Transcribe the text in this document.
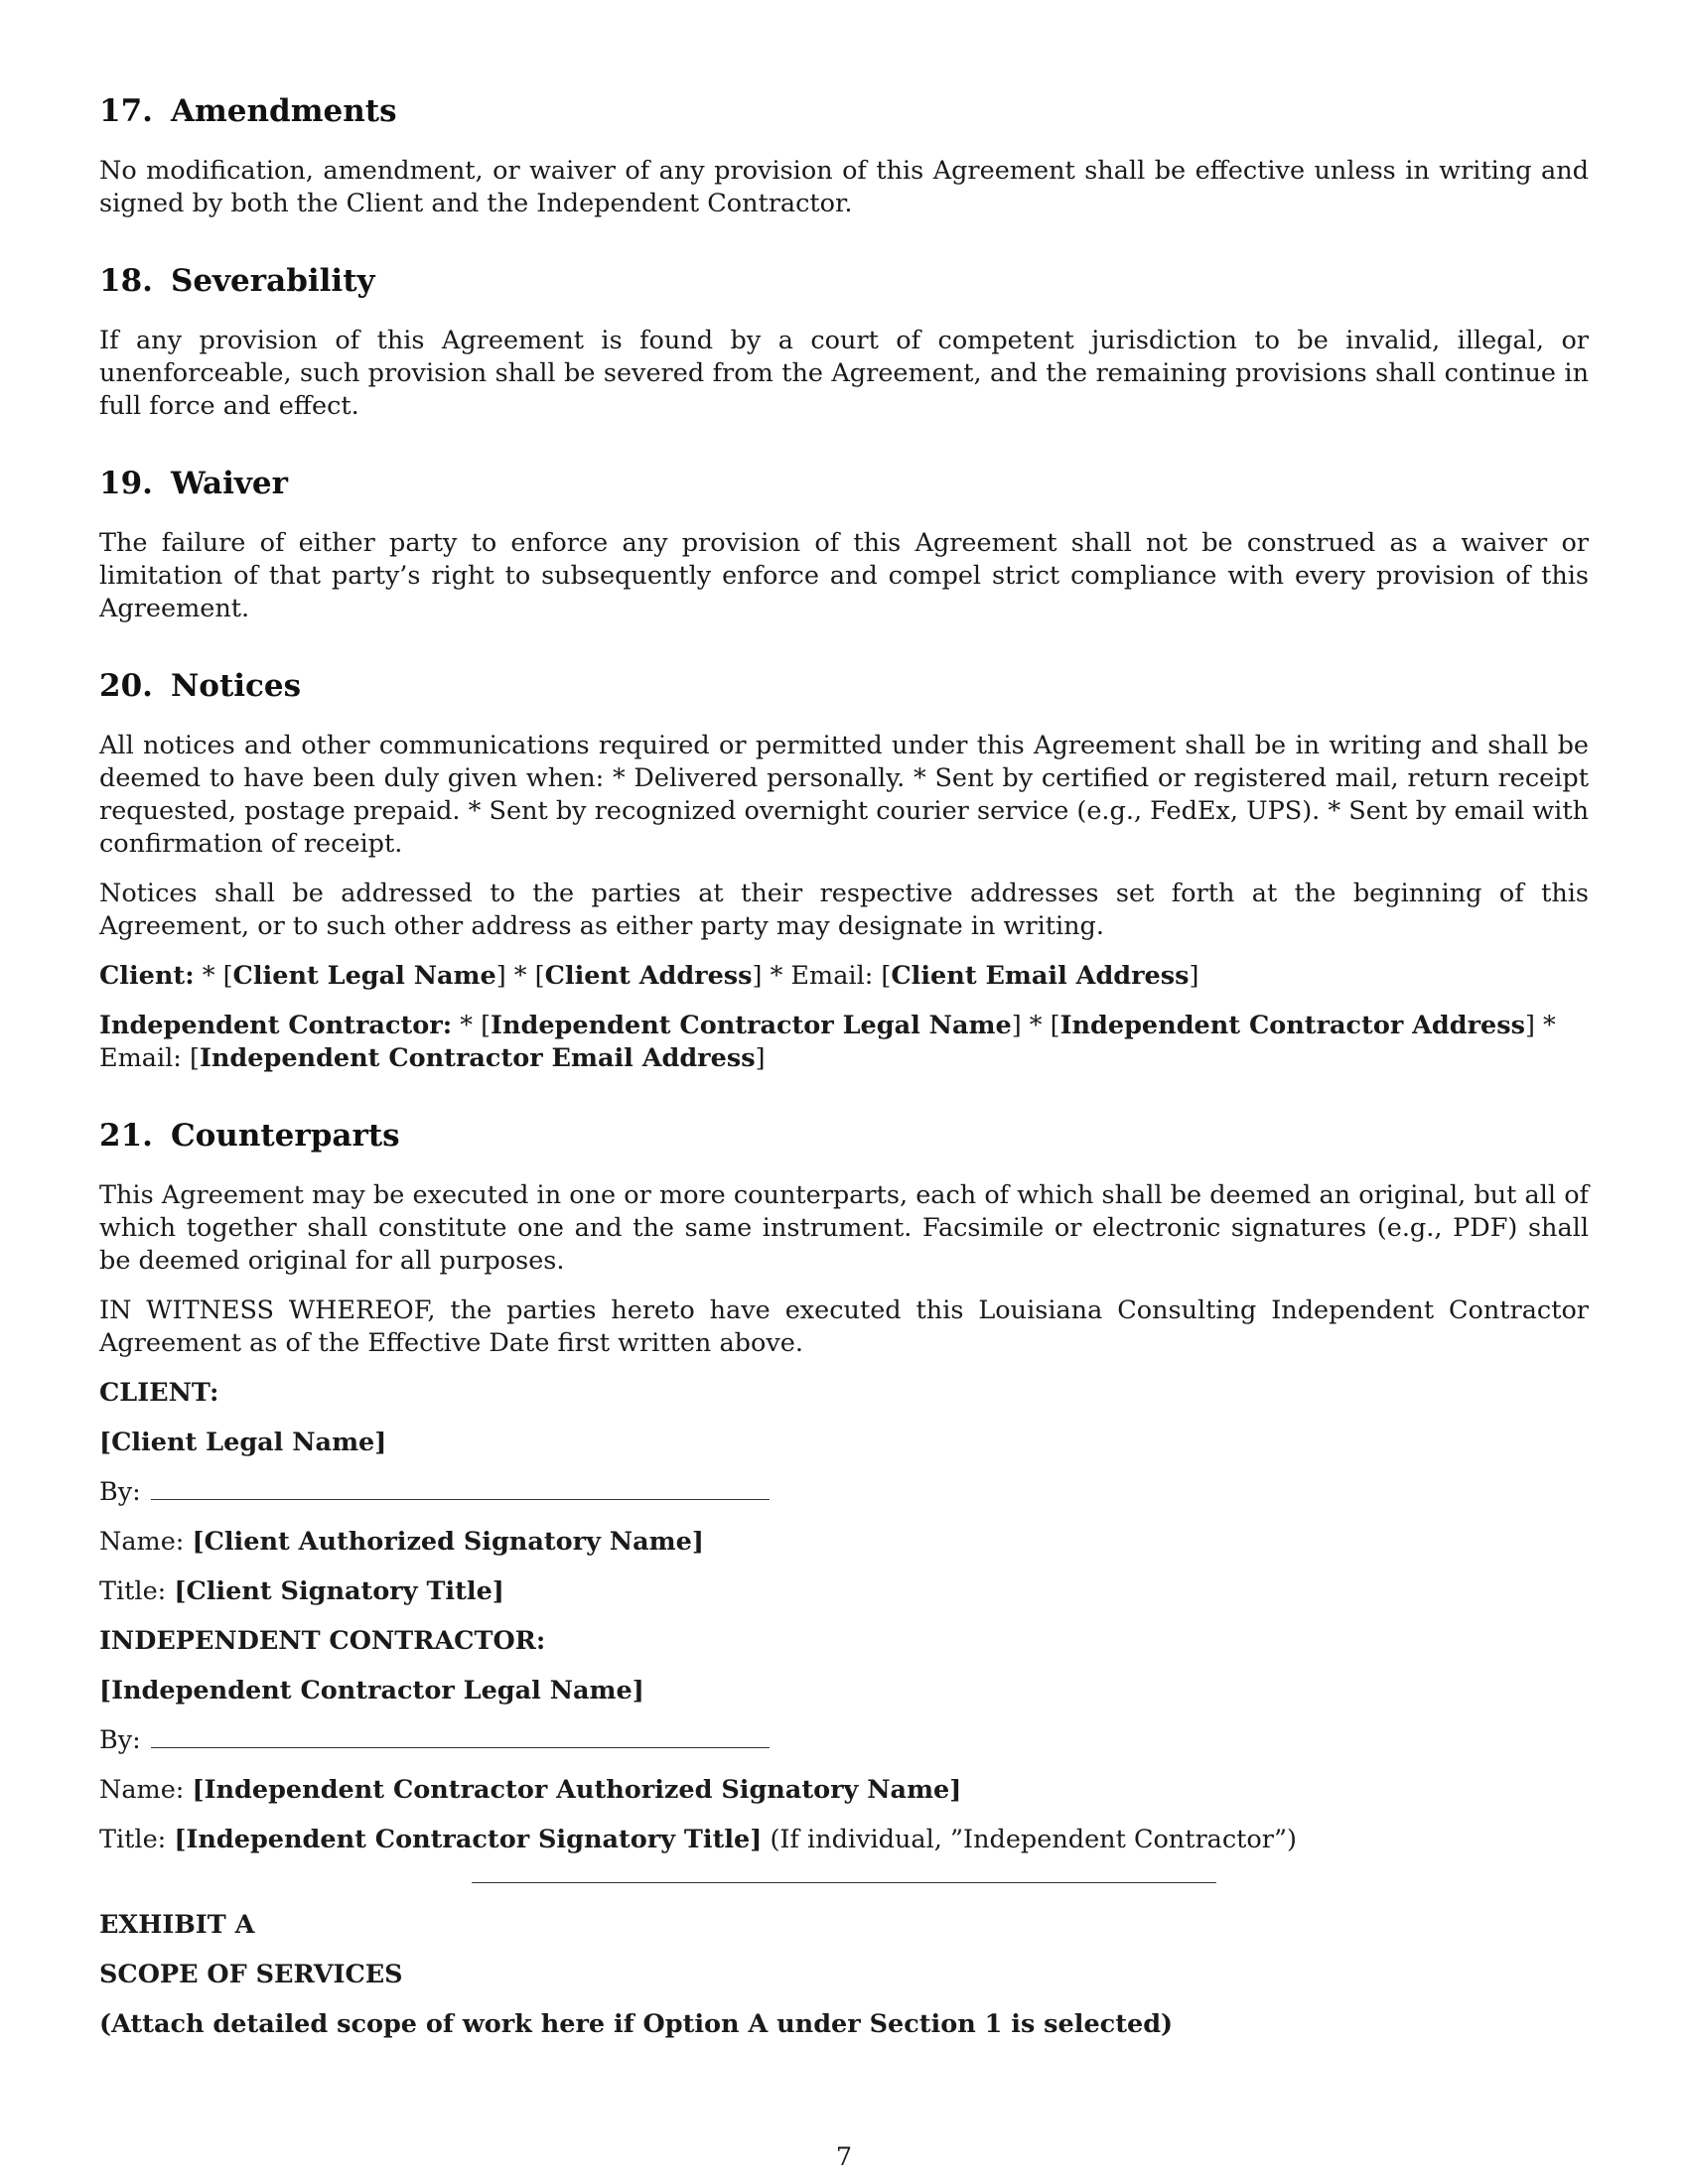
17. Amendments

No modification, amendment, or waiver of any provision of this Agreement shall be effective unless in writing and signed by both the Client and the Independent Contractor.

18. Severability

If any provision of this Agreement is found by a court of competent jurisdiction to be invalid, illegal, or unenforceable, such provision shall be severed from the Agreement, and the remaining provisions shall continue in full force and effect.

19. Waiver

The failure of either party to enforce any provision of this Agreement shall not be construed as a waiver or limitation of that party’s right to subsequently enforce and compel strict compliance with every provision of this Agreement.

20. Notices

All notices and other communications required or permitted under this Agreement shall be in writing and shall be deemed to have been duly given when: * Delivered personally. * Sent by certified or registered mail, return receipt requested, postage prepaid. * Sent by recognized overnight courier service (e.g., FedEx, UPS). * Sent by email with confirmation of receipt.

Notices shall be addressed to the parties at their respective addresses set forth at the beginning of this Agreement, or to such other address as either party may designate in writing.

Client: * [Client Legal Name] * [Client Address] * Email: [Client Email Address]

Independent Contractor: * [Independent Contractor Legal Name] * [Independent Contractor Address] * Email: [Independent Contractor Email Address]

21. Counterparts

This Agreement may be executed in one or more counterparts, each of which shall be deemed an original, but all of which together shall constitute one and the same instrument. Facsimile or electronic signatures (e.g., PDF) shall be deemed original for all purposes.

IN WITNESS WHEREOF, the parties hereto have executed this Louisiana Consulting Independent Contractor Agreement as of the Effective Date first written above.

CLIENT:

[Client Legal Name]

By:

Name: [Client Authorized Signatory Name]

Title: [Client Signatory Title]

INDEPENDENT CONTRACTOR:

[Independent Contractor Legal Name]

By:

Name: [Independent Contractor Authorized Signatory Name]

Title: [Independent Contractor Signatory Title] (If individual, ”Independent Contractor”)

EXHIBIT A

SCOPE OF SERVICES

(Attach detailed scope of work here if Option A under Section 1 is selected)

7
